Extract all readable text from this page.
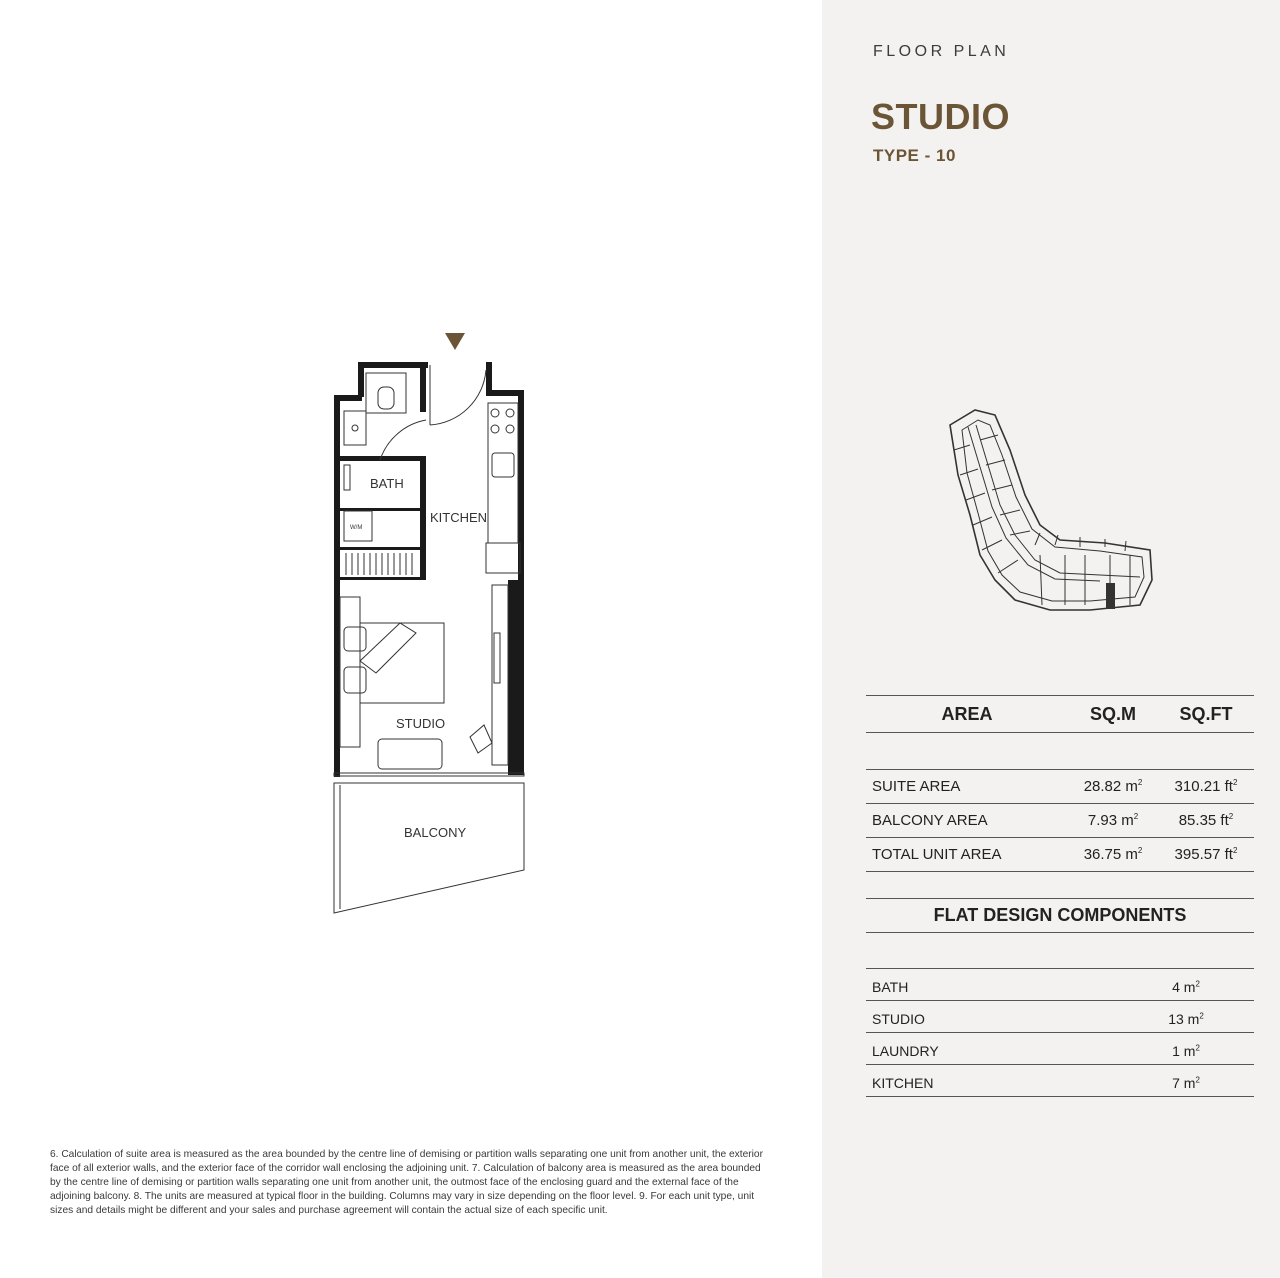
FLOOR PLAN
STUDIO
TYPE - 10
AREA	SQ.M	SQ.FT

SUITE AREA	28.82 $m^2$	310.21 $ft^2$
BALCONY AREA	7.93 $m^2$	85.35 $ft^2$
TOTAL UNIT AREA	36.75 $m^2$	395.57 $ft^2$
FLAT DESIGN COMPONENTS
BATH	4 $m^2$
STUDIO	13 $m^2$
LAUNDRY	1 $m^2$
KITCHEN	7 $m^2$
BATH
KITCHEN
W/M
STUDIO
BALCONY
6. Calculation of suite area is measured as the area bounded by the centre line of demising or partition walls separating one unit from another unit, the exterior face of all exterior walls, and the exterior face of the corridor wall enclosing the adjoining unit. 7. Calculation of balcony area is measured as the area bounded by the centre line of demising or partition walls separating one unit from another unit, the outmost face of the enclosing guard and the external face of the adjoining balcony. 8. The units are measured at typical floor in the building. Columns may vary in size depending on the floor level. 9. For each unit type, unit sizes and details might be different and your sales and purchase agreement will contain the actual size of each specific unit.
